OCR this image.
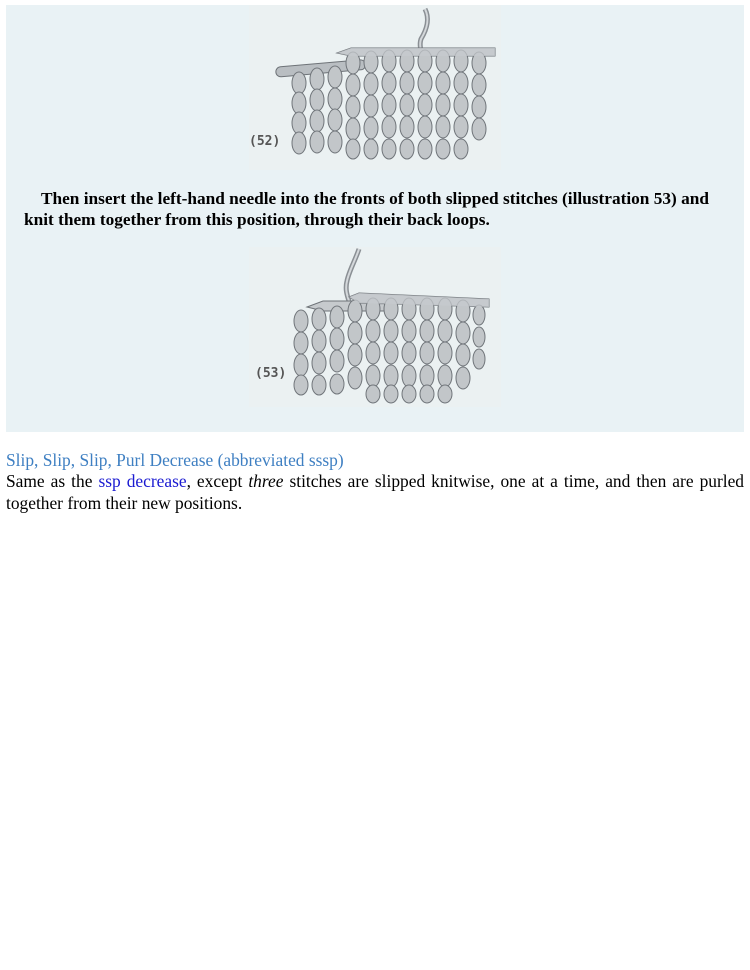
(52)

Then insert the left-hand needle into the fronts of both slipped stitches (illustration 53) and knit them together from this position, through their back loops.

(53)
Slip, Slip, Slip, Purl Decrease (abbreviated sssp)

Same as the ssp decrease, except three stitches are slipped knitwise, one at a time, and then are purled together from their new positions.
